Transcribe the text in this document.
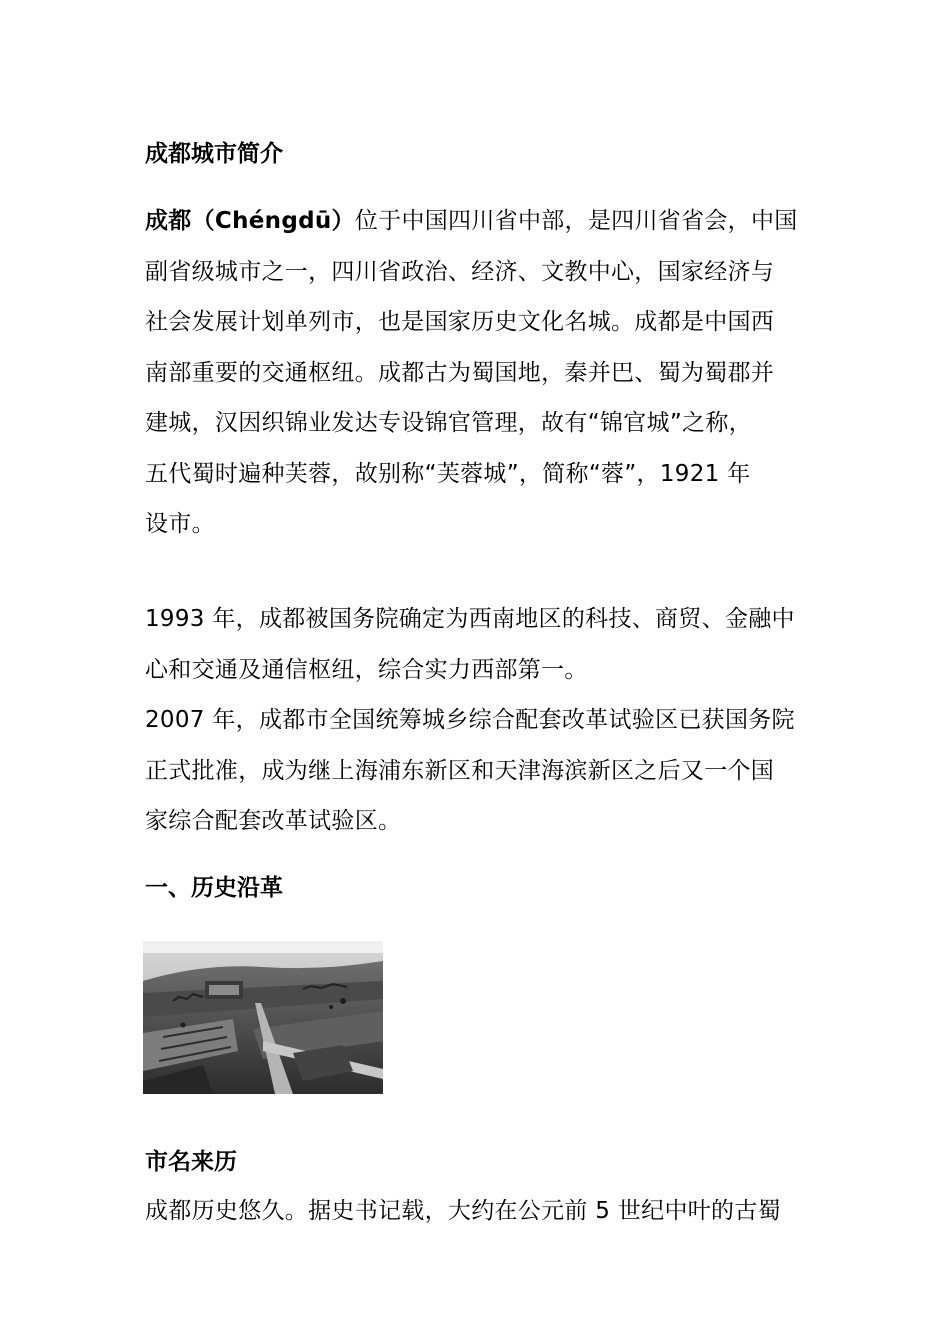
成都城市简介
成都（Chéngdū）位于中国四川省中部，是四川省省会，中国
副省级城市之一，四川省政治、经济、文教中心，国家经济与
社会发展计划单列市，也是国家历史文化名城。成都是中国西
南部重要的交通枢纽。成都古为蜀国地，秦并巴、蜀为蜀郡并
建城，汉因织锦业发达专设锦官管理，故有“锦官城”之称，
五代蜀时遍种芙蓉，故别称“芙蓉城”，简称“蓉”，1921 年
设市。
1993 年，成都被国务院确定为西南地区的科技、商贸、金融中
心和交通及通信枢纽，综合实力西部第一。
2007 年，成都市全国统筹城乡综合配套改革试验区已获国务院
正式批准，成为继上海浦东新区和天津海滨新区之后又一个国
家综合配套改革试验区。
一、历史沿革
市名来历
成都历史悠久。据史书记载，大约在公元前 5 世纪中叶的古蜀
